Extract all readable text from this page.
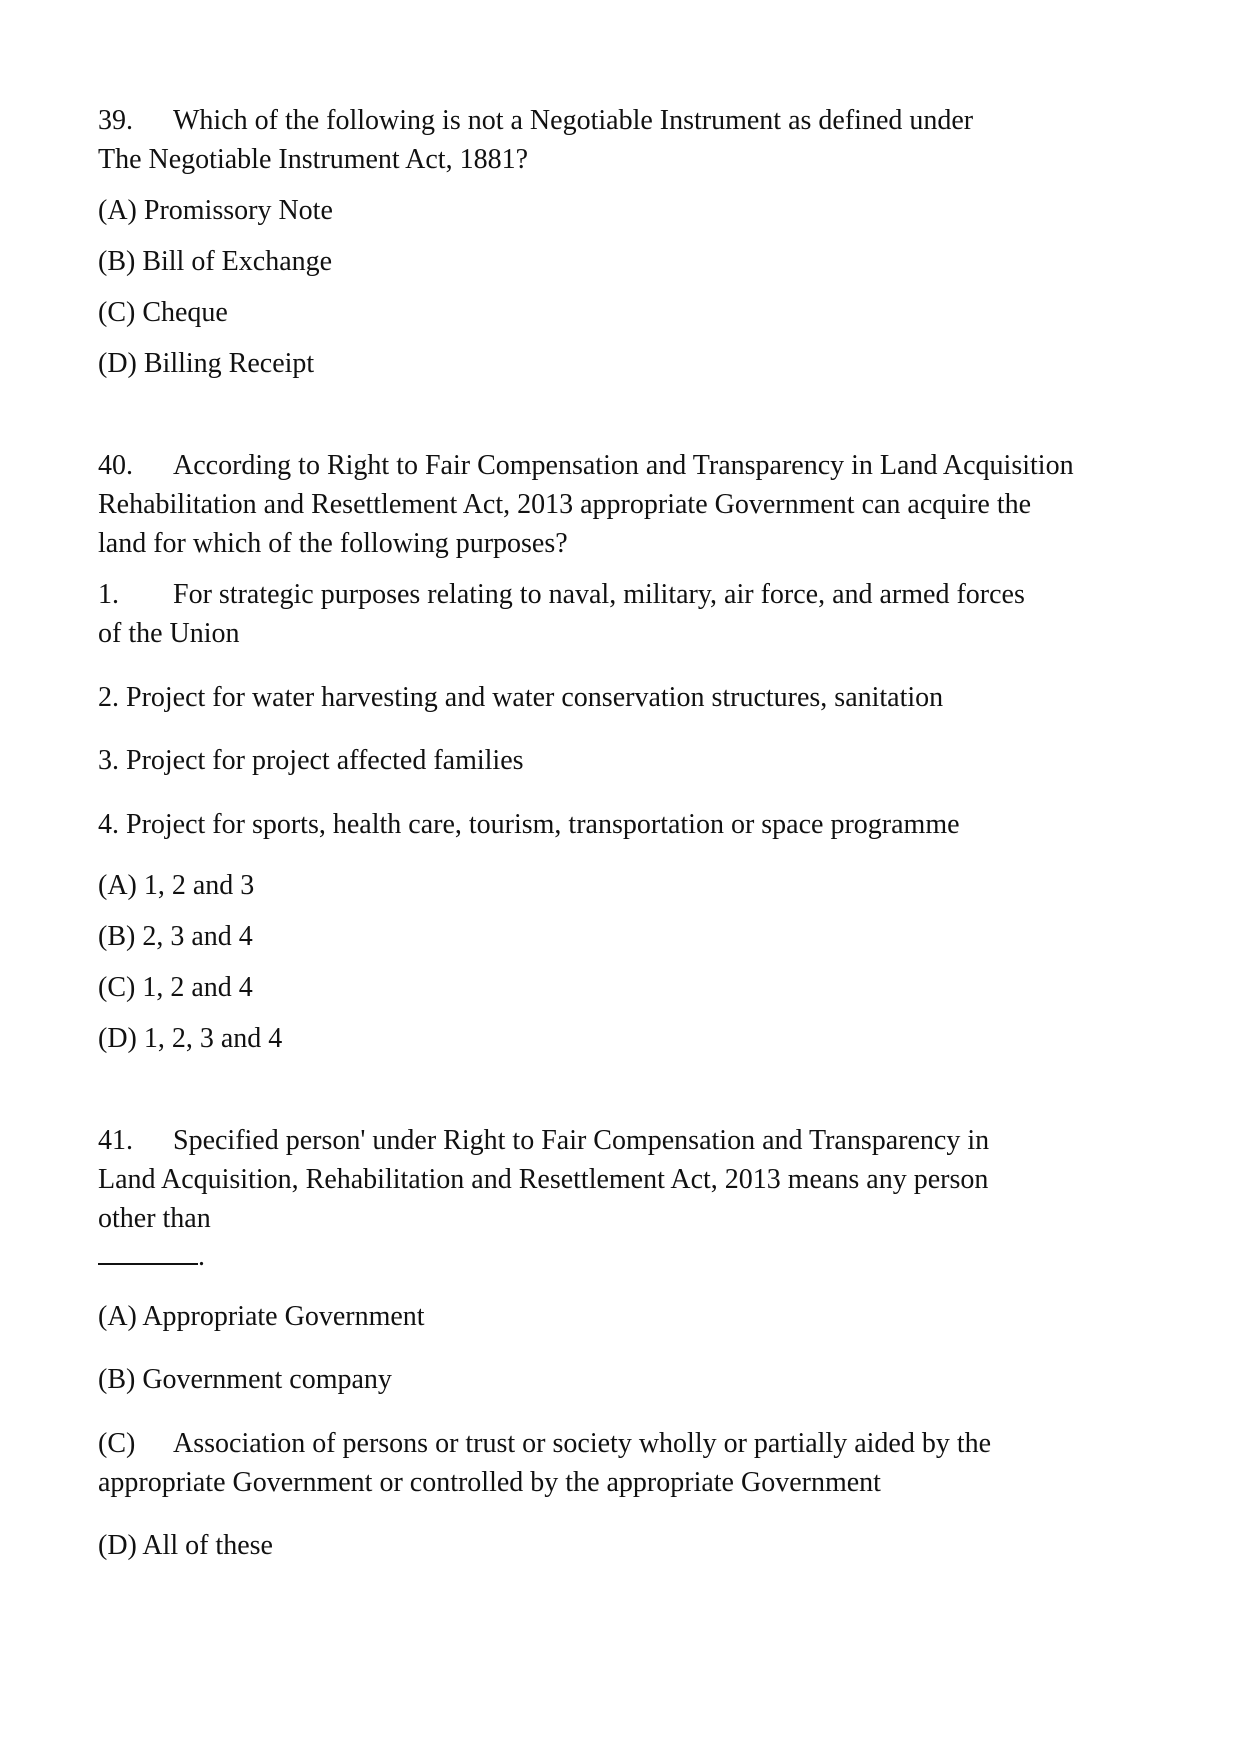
39. Which of the following is not a Negotiable Instrument as defined under
The Negotiable Instrument Act, 1881?
(A) Promissory Note
(B) Bill of Exchange
(C) Cheque
(D) Billing Receipt
40. According to Right to Fair Compensation and Transparency in Land Acquisition
Rehabilitation and Resettlement Act, 2013 appropriate Government can acquire the
land for which of the following purposes?
1. For strategic purposes relating to naval, military, air force, and armed forces
of the Union
2. Project for water harvesting and water conservation structures, sanitation
3. Project for project affected families
4. Project for sports, health care, tourism, transportation or space programme
(A) 1, 2 and 3
(B) 2, 3 and 4
(C) 1, 2 and 4
(D) 1, 2, 3 and 4
41. Specified person' under Right to Fair Compensation and Transparency in
Land Acquisition, Rehabilitation and Resettlement Act, 2013 means any person
other than
.
(A) Appropriate Government
(B) Government company
(C) Association of persons or trust or society wholly or partially aided by the
appropriate Government or controlled by the appropriate Government
(D) All of these
